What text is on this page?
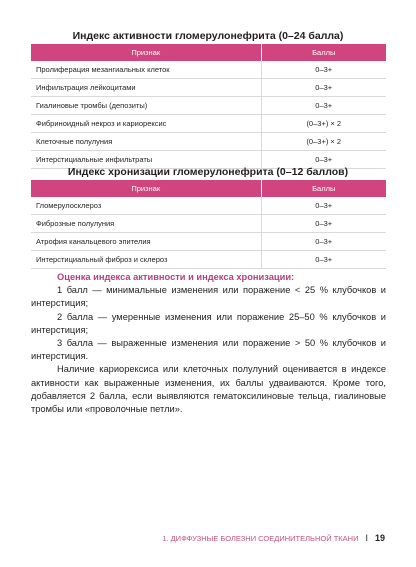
Индекс активности гломерулонефрита (0–24 балла)
Признак	Баллы
Пролиферация мезангиальных клеток	0–3+
Инфильтрация лейкоцитами	0–3+
Гиалиновые тромбы (депозиты)	0–3+
Фибриноидный некроз и кариорексис	(0–3+) × 2
Клеточные полулуния	(0–3+) × 2
Интерстициальные инфильтраты	0–3+
Индекс хронизации гломерулонефрита (0–12 баллов)
Признак	Баллы
Гломерулосклероз	0–3+
Фиброзные полулуния	0–3+
Атрофия канальцевого эпителия	0–3+
Интерстициальный фиброз и склероз	0–3+
Оценка индекса активности и индекса хронизации:

1 балл — минимальные изменения или поражение < 25 % клубочков и интерстиция;

2 балла — умеренные изменения или поражение 25–50 % клубочков и интерстиция;

3 балла — выраженные изменения или поражение > 50 % клубочков и интерстиция.

Наличие кариорексиса или клеточных полулуний оценивается в индексе активности как выраженные изменения, их баллы удваиваются. Кроме того, добавляется 2 балла, если выявляются гематоксилиновые тельца, гиалиновые тромбы или «проволочные петли».

1. ДИФФУЗНЫЕ БОЛЕЗНИ СОЕДИНИТЕЛЬНОЙ ТКАНИ I 19
